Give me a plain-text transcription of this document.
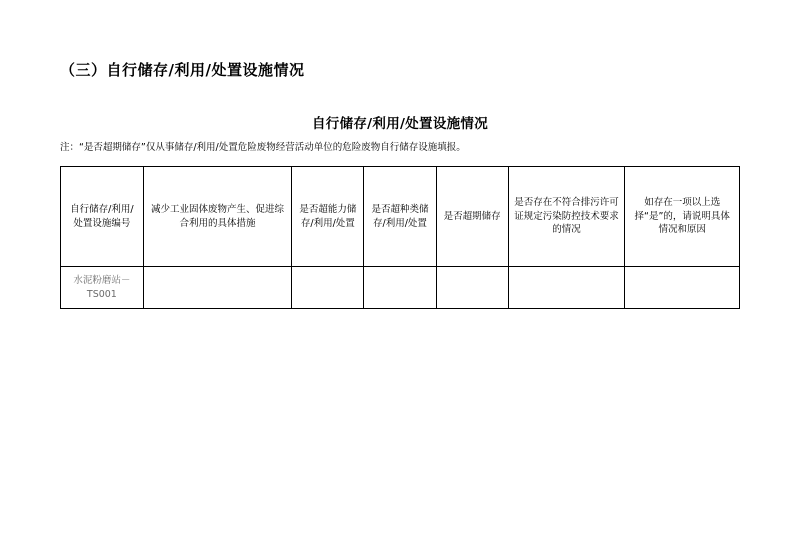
（三）自行储存/利用/处置设施情况
自行储存/利用/处置设施情况
注：“是否超期储存”仅从事储存/利用/处置危险废物经营活动单位的危险废物自行储存设施填报。
自行储存/利用/处置设施编号	减少工业固体废物产生、促进综合利用的具体措施	是否超能力储存/利用/处置	是否超种类储存/利用/处置	是否超期储存	是否存在不符合排污许可证规定污染防控技术要求的情况	如存在一项以上选择“是”的，请说明具体情况和原因
水泥粉磨站－TS001						
